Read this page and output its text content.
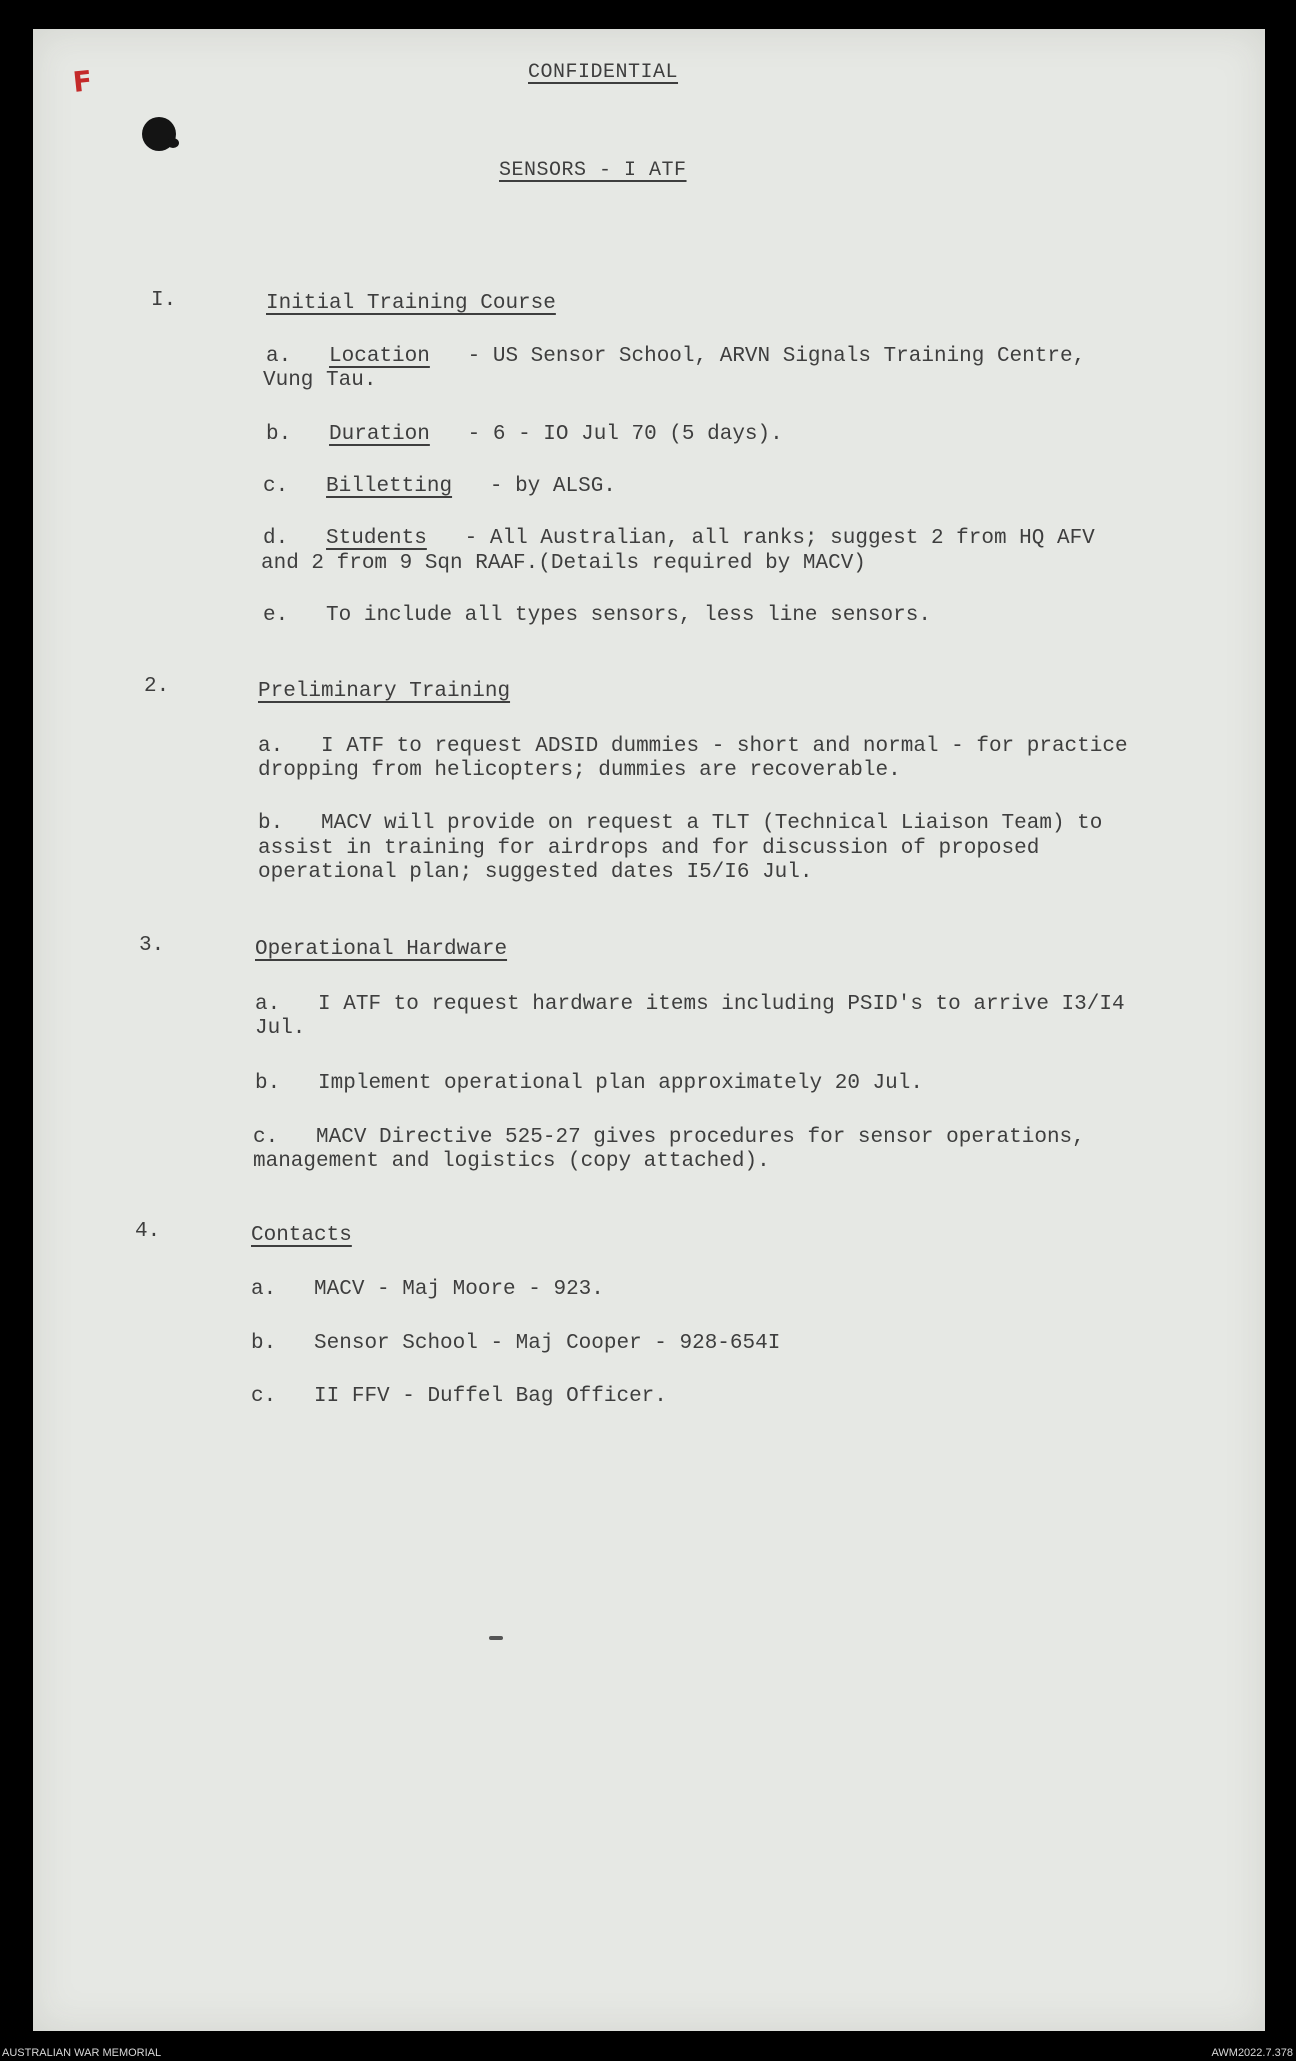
F	CONFIDENTIAL
SENSORS - I ATF
I.	Initial Training Course
a. Location - US Sensor School, ARVN Signals Training Centre,
Vung Tau.
b. Duration - 6 - IO Jul 70 (5 days).
c. Billetting - by ALSG.
d. Students - All Australian, all ranks; suggest 2 from HQ AFV
and 2 from 9 Sqn RAAF.(Details required by MACV)
e. To include all types sensors, less line sensors.
2.	Preliminary Training
a. I ATF to request ADSID dummies - short and normal - for practice
dropping from helicopters; dummies are recoverable.
b. MACV will provide on request a TLT (Technical Liaison Team) to
assist in training for airdrops and for discussion of proposed
operational plan; suggested dates I5/I6 Jul.
3.	Operational Hardware
a. I ATF to request hardware items including PSID's to arrive I3/I4
Jul.
b. Implement operational plan approximately 20 Jul.
c. MACV Directive 525-27 gives procedures for sensor operations,
management and logistics (copy attached).
4.	Contacts
a. MACV - Maj Moore - 923.
b. Sensor School - Maj Cooper - 928-654I
c. II FFV - Duffel Bag Officer.
AUSTRALIAN WAR MEMORIAL	AWM2022.7.378
